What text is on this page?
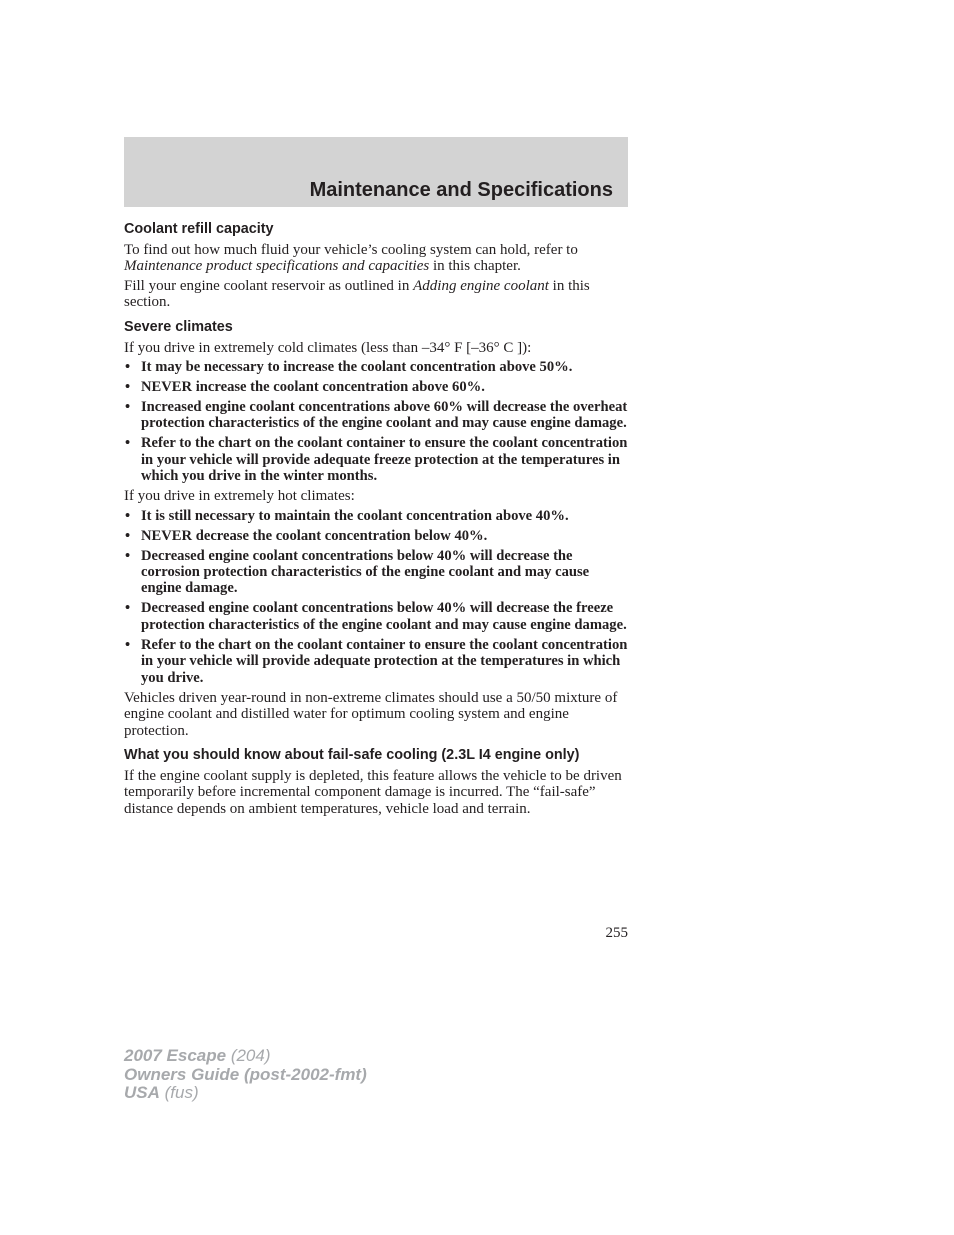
Maintenance and Specifications
Coolant refill capacity

To find out how much fluid your vehicle’s cooling system can hold, refer to Maintenance product specifications and capacities in this chapter.

Fill your engine coolant reservoir as outlined in Adding engine coolant in this section.

Severe climates

If you drive in extremely cold climates (less than –34° F [–36° C ]):

• It may be necessary to increase the coolant concentration above 50%.
• NEVER increase the coolant concentration above 60%.
• Increased engine coolant concentrations above 60% will decrease the overheat protection characteristics of the engine coolant and may cause engine damage.
• Refer to the chart on the coolant container to ensure the coolant concentration in your vehicle will provide adequate freeze protection at the temperatures in which you drive in the winter months.

If you drive in extremely hot climates:

• It is still necessary to maintain the coolant concentration above 40%.
• NEVER decrease the coolant concentration below 40%.
• Decreased engine coolant concentrations below 40% will decrease the corrosion protection characteristics of the engine coolant and may cause engine damage.
• Decreased engine coolant concentrations below 40% will decrease the freeze protection characteristics of the engine coolant and may cause engine damage.
• Refer to the chart on the coolant container to ensure the coolant concentration in your vehicle will provide adequate protection at the temperatures in which you drive.

Vehicles driven year-round in non-extreme climates should use a 50/50 mixture of engine coolant and distilled water for optimum cooling system and engine protection.

What you should know about fail-safe cooling (2.3L I4 engine only)

If the engine coolant supply is depleted, this feature allows the vehicle to be driven temporarily before incremental component damage is incurred. The “fail-safe” distance depends on ambient temperatures, vehicle load and terrain.

255
2007 Escape (204)
Owners Guide (post-2002-fmt)
USA (fus)
